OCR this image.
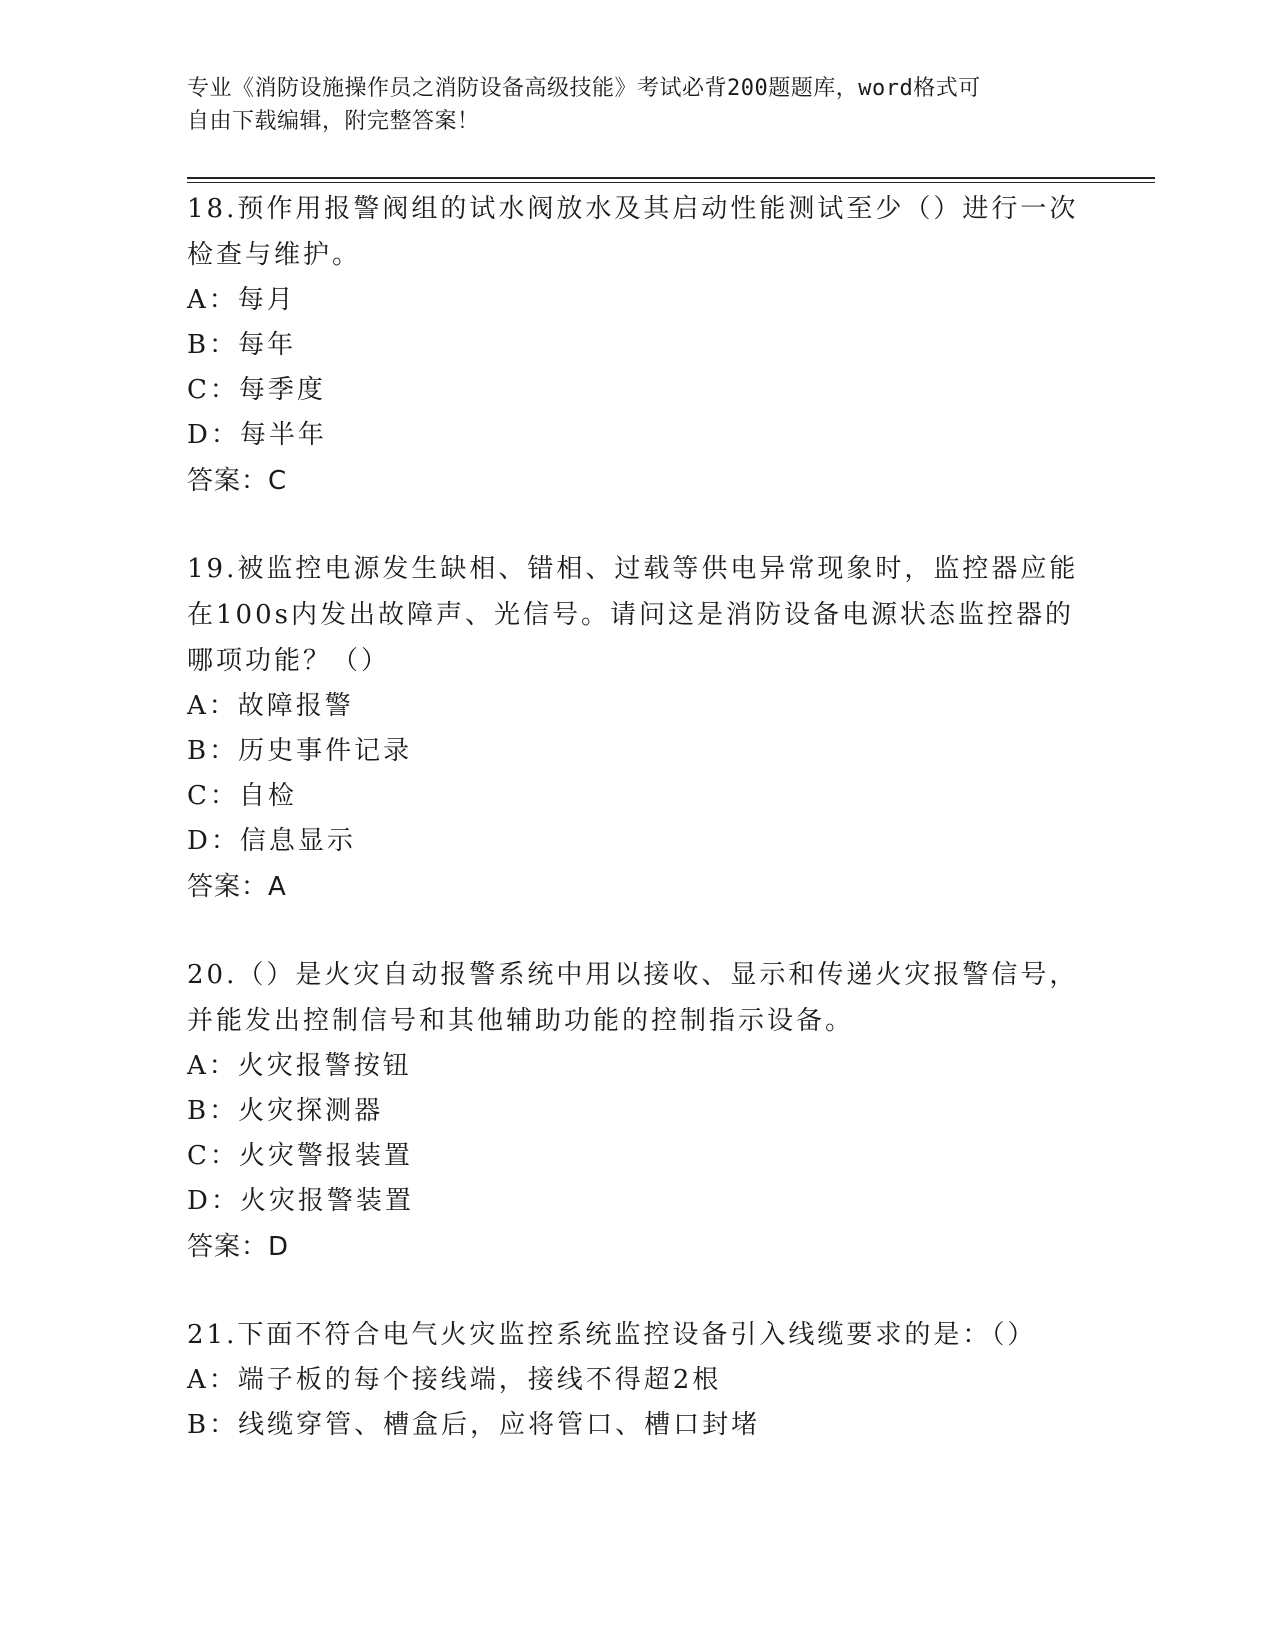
专业《消防设施操作员之消防设备高级技能》考试必背200题题库，word格式可
自由下载编辑，附完整答案！

18.预作用报警阀组的试水阀放水及其启动性能测试至少（）进行一次

检查与维护。

A：每月

B：每年

C：每季度

D：每半年

答案：C

19.被监控电源发生缺相、错相、过载等供电异常现象时，监控器应能

在100s内发出故障声、光信号。请问这是消防设备电源状态监控器的

哪项功能？（）

A：故障报警

B：历史事件记录

C：自检

D：信息显示

答案：A

20.（）是火灾自动报警系统中用以接收、显示和传递火灾报警信号，

并能发出控制信号和其他辅助功能的控制指示设备。

A：火灾报警按钮

B：火灾探测器

C：火灾警报装置

D：火灾报警装置

答案：D

21.下面不符合电气火灾监控系统监控设备引入线缆要求的是：（）

A：端子板的每个接线端，接线不得超2根

B：线缆穿管、槽盒后，应将管口、槽口封堵
